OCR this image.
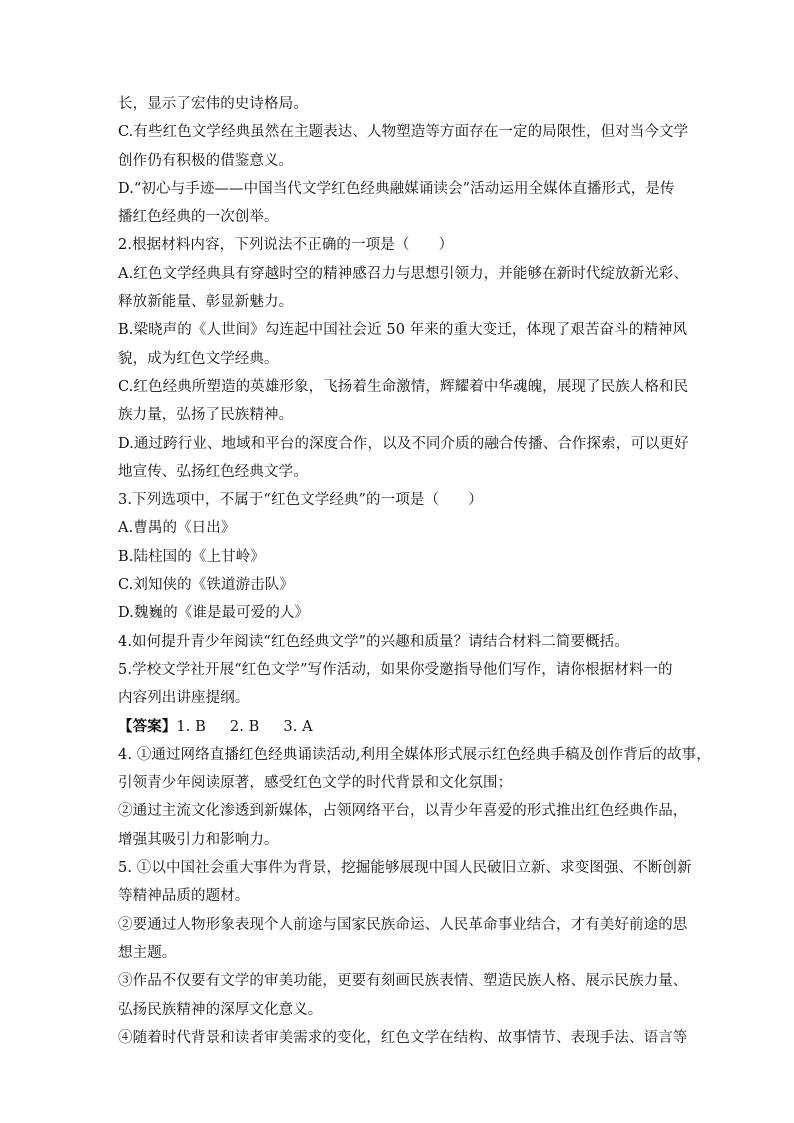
长，显示了宏伟的史诗格局。
C.有些红色文学经典虽然在主题表达、人物塑造等方面存在一定的局限性，但对当今文学
创作仍有积极的借鉴意义。
D.“初心与手迹——中国当代文学红色经典融媒诵读会”活动运用全媒体直播形式，是传
播红色经典的一次创举。
2.根据材料内容，下列说法不正确的一项是（　　）
A.红色文学经典具有穿越时空的精神感召力与思想引领力，并能够在新时代绽放新光彩、
释放新能量、彰显新魅力。
B.梁晓声的《人世间》勾连起中国社会近 50 年来的重大变迁，体现了艰苦奋斗的精神风
貌，成为红色文学经典。
C.红色经典所塑造的英雄形象，飞扬着生命激情，辉耀着中华魂魄，展现了民族人格和民
族力量，弘扬了民族精神。
D.通过跨行业、地域和平台的深度合作，以及不同介质的融合传播、合作探索，可以更好
地宣传、弘扬红色经典文学。
3.下列选项中，不属于“红色文学经典”的一项是（　　）
A.曹禺的《日出》
B.陆柱国的《上甘岭》
C.刘知侠的《铁道游击队》
D.魏巍的《谁是最可爱的人》
4.如何提升青少年阅读“红色经典文学”的兴趣和质量？请结合材料二简要概括。
5.学校文学社开展“红色文学”写作活动，如果你受邀指导他们写作，请你根据材料一的
内容列出讲座提纲。
【答案】1. B 2. B 3. A
4. ①通过网络直播红色经典诵读活动,利用全媒体形式展示红色经典手稿及创作背后的故事，
引领青少年阅读原著，感受红色文学的时代背景和文化氛围；
②通过主流文化渗透到新媒体，占领网络平台，以青少年喜爱的形式推出红色经典作品，
增强其吸引力和影响力。
5. ①以中国社会重大事件为背景，挖掘能够展现中国人民破旧立新、求变图强、不断创新
等精神品质的题材。
②要通过人物形象表现个人前途与国家民族命运、人民革命事业结合，才有美好前途的思
想主题。
③作品不仅要有文学的审美功能，更要有刻画民族表情、塑造民族人格、展示民族力量、
弘扬民族精神的深厚文化意义。
④随着时代背景和读者审美需求的变化，红色文学在结构、故事情节、表现手法、语言等
